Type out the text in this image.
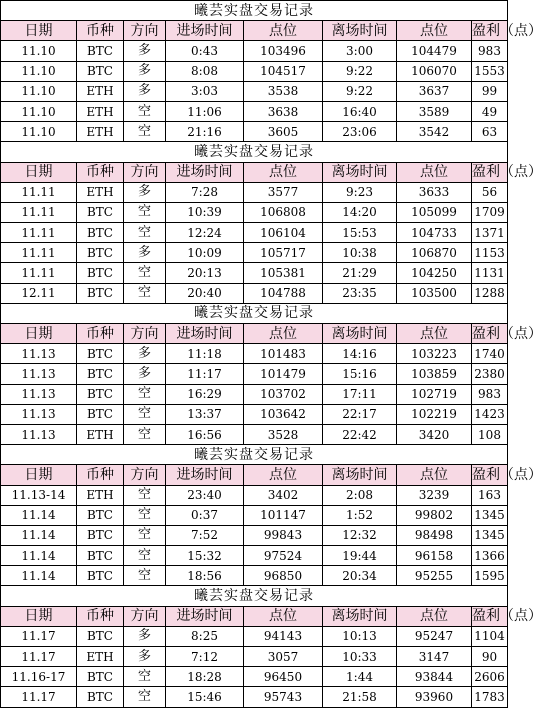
曦芸实盘交易记录							
日期	币种	方向	进场时间	点位	离场时间	点位	盈利（点）
11.10	BTC	多	0:43	103496	3:00	104479	983
11.10	BTC	多	8:08	104517	9:22	106070	1553
11.10	ETH	多	3:03	3538	9:22	3637	99
11.10	ETH	空	11:06	3638	16:40	3589	49
11.10	ETH	空	21:16	3605	23:06	3542	63
曦芸实盘交易记录							
日期	币种	方向	进场时间	点位	离场时间	点位	盈利（点）
11.11	ETH	多	7:28	3577	9:23	3633	56
11.11	BTC	空	10:39	106808	14:20	105099	1709
11.11	BTC	空	12:24	106104	15:53	104733	1371
11.11	BTC	多	10:09	105717	10:38	106870	1153
11.11	BTC	空	20:13	105381	21:29	104250	1131
12.11	BTC	空	20:40	104788	23:35	103500	1288
曦芸实盘交易记录							
日期	币种	方向	进场时间	点位	离场时间	点位	盈利（点）
11.13	BTC	多	11:18	101483	14:16	103223	1740
11.13	BTC	多	11:17	101479	15:16	103859	2380
11.13	BTC	空	16:29	103702	17:11	102719	983
11.13	BTC	空	13:37	103642	22:17	102219	1423
11.13	ETH	空	16:56	3528	22:42	3420	108
曦芸实盘交易记录							
日期	币种	方向	进场时间	点位	离场时间	点位	盈利（点）
11.13-14	ETH	空	23:40	3402	2:08	3239	163
11.14	BTC	空	0:37	101147	1:52	99802	1345
11.14	BTC	空	7:52	99843	12:32	98498	1345
11.14	BTC	空	15:32	97524	19:44	96158	1366
11.14	BTC	空	18:56	96850	20:34	95255	1595
曦芸实盘交易记录							
日期	币种	方向	进场时间	点位	离场时间	点位	盈利（点）
11.17	BTC	多	8:25	94143	10:13	95247	1104
11.17	ETH	多	7:12	3057	10:33	3147	90
11.16-17	BTC	空	18:28	96450	1:44	93844	2606
11.17	BTC	空	15:46	95743	21:58	93960	1783
